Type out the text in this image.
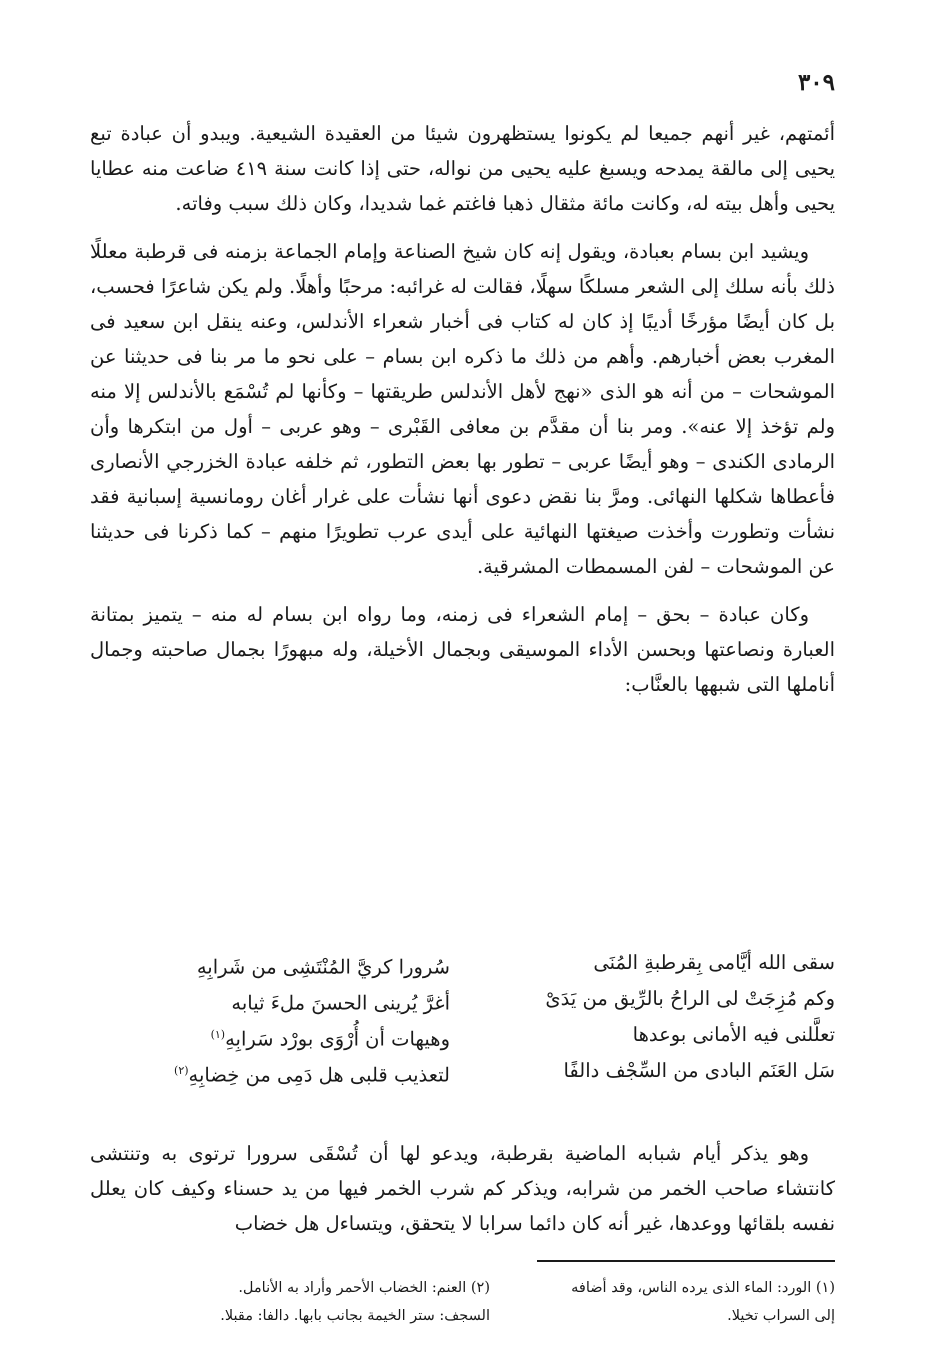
٣٠٩

أئمتهم، غير أنهم جميعا لم يكونوا يستظهرون شيئا من العقيدة الشيعية. ويبدو أن عبادة تبع يحيى إلى مالقة يمدحه ويسبغ عليه يحيى من نواله، حتى إذا كانت سنة ٤١٩ ضاعت منه عطايا يحيى وأهل بيته له، وكانت مائة مثقال ذهبا فاغتم غما شديدا، وكان ذلك سبب وفاته.

ويشيد ابن بسام بعبادة، ويقول إنه كان شيخ الصناعة وإمام الجماعة بزمنه فى قرطبة معللًا ذلك بأنه سلك إلى الشعر مسلكًا سهلًا، فقالت له غرائبه: مرحبًا وأهلًا. ولم يكن شاعرًا فحسب، بل كان أيضًا مؤرخًا أديبًا إذ كان له كتاب فى أخبار شعراء الأندلس، وعنه ينقل ابن سعيد فى المغرب بعض أخبارهم. وأهم من ذلك ما ذكره ابن بسام – على نحو ما مر بنا فى حديثنا عن الموشحات – من أنه هو الذى «نهج لأهل الأندلس طريقتها – وكأنها لم تُسْمَع بالأندلس إلا منه ولم تؤخذ إلا عنه». ومر بنا أن مقدَّم بن معافى القَبْرى – وهو عربى – أول من ابتكرها وأن الرمادى الكندى – وهو أيضًا عربى – تطور بها بعض التطور، ثم خلفه عبادة الخزرجي الأنصارى فأعطاها شكلها النهائى. ومرَّ بنا نقض دعوى أنها نشأت على غرار أغان رومانسية إسبانية فقد نشأت وتطورت وأخذت صيغتها النهائية على أيدى عرب تطويرًا منهم – كما ذكرنا فى حديثنا عن الموشحات – لفن المسمطات المشرقية.

وكان عبادة – بحق – إمام الشعراء فى زمنه، وما رواه ابن بسام له منه – يتميز بمتانة العبارة ونصاعتها وبحسن الأداء الموسيقى وبجمال الأخيلة، وله مبهورًا بجمال صاحبته وجمال أناملها التى شبهها بالعنَّاب:

سقى الله أيَّامى بِقرطبةِ المُنَى
سُرورا كريَّ المُنْتَشِى من شَرابِهِ
وكم مُزِجَتْ لى الراحُ بالرِّيق من يَدَىْ
أغرَّ يُرينى الحسنَ ملءَ ثيابه
تعلَّلنى فيه الأمانى بوعدها
وهيهات أن أُرْوَى بورْد سَرابِهِ$^{(١)}$
سَل العَنَم البادى من السِّجْف دالفًا
لتعذيب قلبى هل دَمِى من خِضابِهِ$^{(٢)}$

وهو يذكر أيام شبابه الماضية بقرطبة، ويدعو لها أن تُسْقَى سرورا ترتوى به وتنتشى كانتشاء صاحب الخمر من شرابه، ويذكر كم شرب الخمر فيها من يد حسناء وكيف كان يعلل نفسه بلقائها ووعدها، غير أنه كان دائما سرابا لا يتحقق، ويتساءل هل خضاب

(١) الورد: الماء الذى يرده الناس، وقد أضافه
إلى السراب تخيلا.
(٢) العنم: الخضاب الأحمر وأراد به الأنامل.
السجف: ستر الخيمة بجانب بابها. دالفا: مقبلا.
